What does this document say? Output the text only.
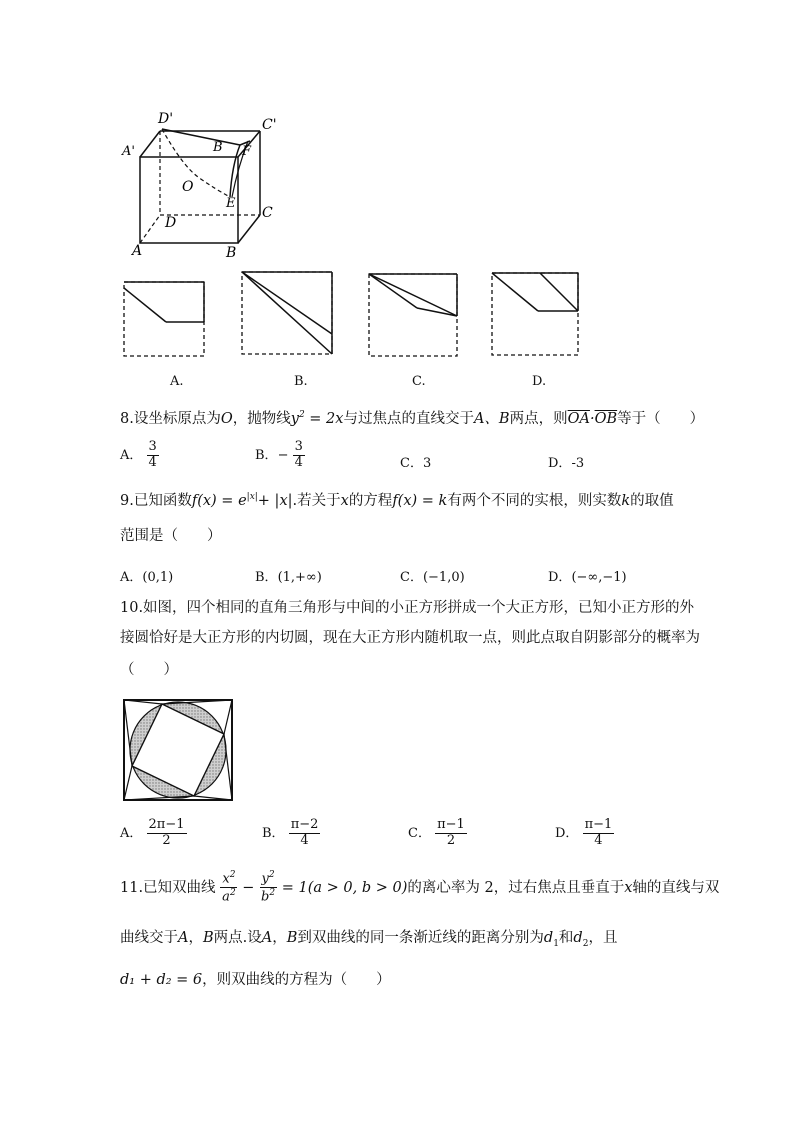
D'	C'
A'	B F
O
E
D
C
A	B
A.	B.	C.	D.
8.设坐标原点为O，抛物线$y^2 = 2x$与过焦点的直线交于A、B两点，则$\overline{OA}\cdot\overline{OB}$等于（　　）
A． $\frac{3}{4}$	B．− $\frac{3}{4}$	C．3	D．-3
9.已知函数$f(x) = e^{|x|}+ |x|$.若关于x的方程f(x) = k有两个不同的实根，则实数k的取值
范围是（　　）
A．(0,1)	B．(1,+∞)	C．(−1,0)	D．(−∞,−1)
10.如图，四个相同的直角三角形与中间的小正方形拼成一个大正方形，已知小正方形的外
接圆恰好是大正方形的内切圆，现在大正方形内随机取一点，则此点取自阴影部分的概率为
（　　）
A． $\frac{2\pi-1}{2}$	B． $\frac{\pi-2}{4}$	C． $\frac{\pi-1}{2}$	D． $\frac{\pi-1}{4}$
11.已知双曲线 $\frac{x^2}{a^2} - \frac{y^2}{b^2} = 1(a > 0$, b > 0)的离心率为 2，过右焦点且垂直于x轴的直线与双
曲线交于A，B两点.设A，B到双曲线的同一条渐近线的距离分别为$d_1$和$d_2$，且
d₁ + d₂ = 6，则双曲线的方程为（　　）
